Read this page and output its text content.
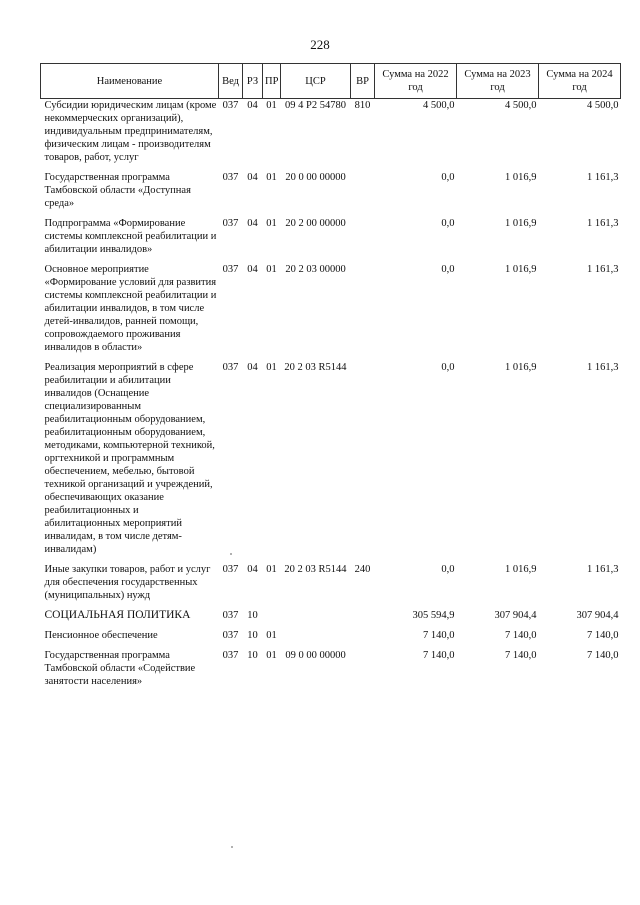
228
Наименование	Вед	РЗ	ПР	ЦСР	ВР	Сумма на 2022 год	Сумма на 2023 год	Сумма на 2024 год
Субсидии юридическим лицам (кроме некоммерческих организаций), индивидуальным предпринимателям, физическим лицам - производителям товаров, работ, услуг	037	04	01	09 4 P2 54780	810	4 500,0	4 500,0	4 500,0
Государственная программа Тамбовской области «Доступная среда»	037	04	01	20 0 00 00000		0,0	1 016,9	1 161,3
Подпрограмма «Формирование системы комплексной реабилитации и абилитации инвалидов»	037	04	01	20 2 00 00000		0,0	1 016,9	1 161,3
Основное мероприятие «Формирование условий для развития системы комплексной реабилитации и абилитации инвалидов, в том числе детей-инвалидов, ранней помощи, сопровождаемого проживания инвалидов в области»	037	04	01	20 2 03 00000		0,0	1 016,9	1 161,3
Реализация мероприятий в сфере реабилитации и абилитации инвалидов (Оснащение специализированным реабилитационным оборудованием, реабилитационным оборудованием, методиками, компьютерной техникой, оргтехникой и программным обеспечением, мебелью, бытовой техникой организаций и учреждений, обеспечивающих оказание реабилитационных и абилитационных мероприятий инвалидам, в том числе детям-инвалидам)	037	04	01	20 2 03 R5144		0,0	1 016,9	1 161,3
Иные закупки товаров, работ и услуг для обеспечения государственных (муниципальных) нужд	037	04	01	20 2 03 R5144	240	0,0	1 016,9	1 161,3
СОЦИАЛЬНАЯ ПОЛИТИКА	037	10				305 594,9	307 904,4	307 904,4
Пенсионное обеспечение	037	10	01			7 140,0	7 140,0	7 140,0
Государственная программа Тамбовской области «Содействие занятости населения»	037	10	01	09 0 00 00000		7 140,0	7 140,0	7 140,0
